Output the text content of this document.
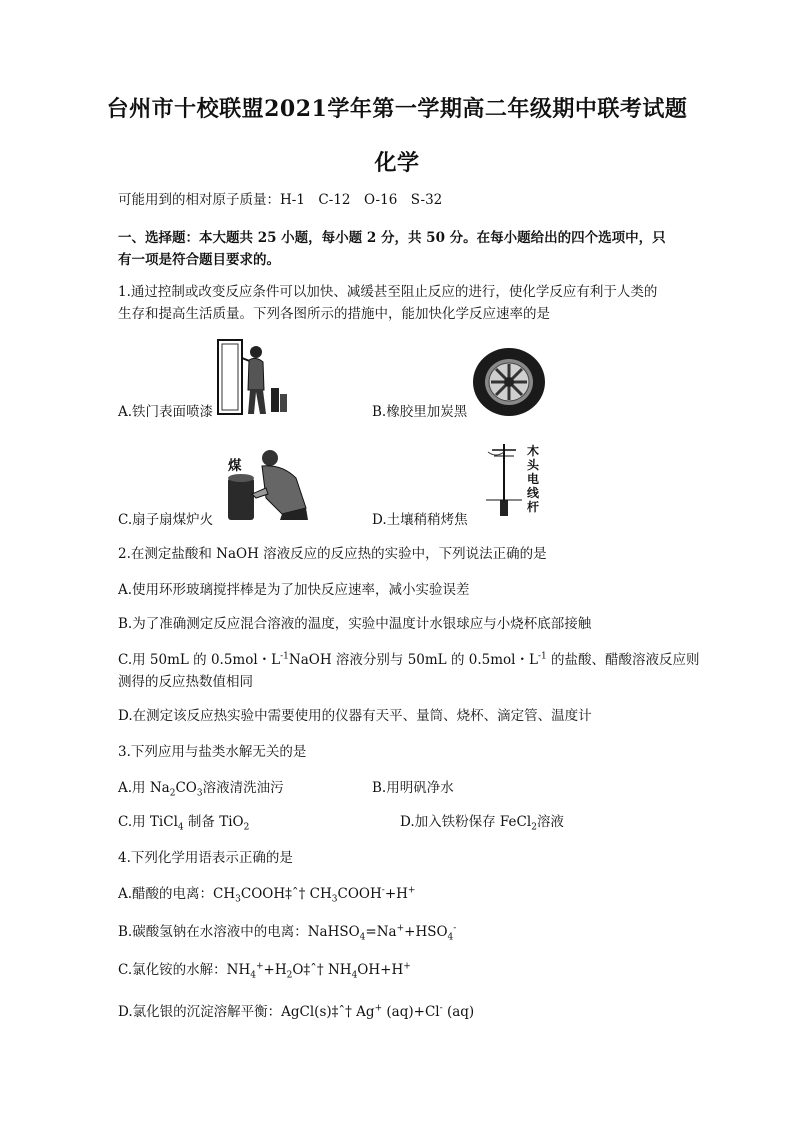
台州市十校联盟2021学年第一学期高二年级期中联考试题
化学
可能用到的相对原子质量：H-1　C-12　O-16　S-32
一、选择题：本大题共 25 小题，每小题 2 分，共 50 分。在每小题给出的四个选项中，只
有一项是符合题目要求的。
1.通过控制或改变反应条件可以加快、减缓甚至阻止反应的进行，使化学反应有利于人类的
生存和提高生活质量。下列各图所示的措施中，能加快化学反应速率的是
A.铁门表面喷漆	B.橡胶里加炭黑
煤
C.扇子扇煤炉火
木
头
电
线
杆
D.土壤稍稍烤焦
2.在测定盐酸和 NaOH 溶液反应的反应热的实验中，下列说法正确的是
A.使用环形玻璃搅拌棒是为了加快反应速率，减小实验误差
B.为了准确测定反应混合溶液的温度，实验中温度计水银球应与小烧杯底部接触
C.用 50mL 的 0.5mol・$L^{-1}NaOH$ 溶液分别与 50mL 的 0.5mol・$L^{-1}$ 的盐酸、醋酸溶液反应则
测得的反应热数值相同
D.在测定该反应热实验中需要使用的仪器有天平、量筒、烧杯、滴定管、温度计
3.下列应用与盐类水解无关的是
A.用 $Na_2CO_3$溶液清洗油污	B.用明矾净水
C.用 TiCl$_4$ 制备 TiO$_2$	D.加入铁粉保存 FeCl$_2$溶液
4.下列化学用语表示正确的是
A.醋酸的电离：$CH_3COOH\ddagger ˆ\dagger$ $CH_3COOH^-+H^+$
B.碳酸氢钠在水溶液中的电离：$NaHSO_4=Na^++HSO_4^-$
C.氯化铵的水解：$NH_4^++H_2O\ddagger ˆ\dagger$ $NH_4OH+H^+$
D.氯化银的沉淀溶解平衡：AgCl(s)‡ˆ† Ag+ (aq)+Cl- (aq)
